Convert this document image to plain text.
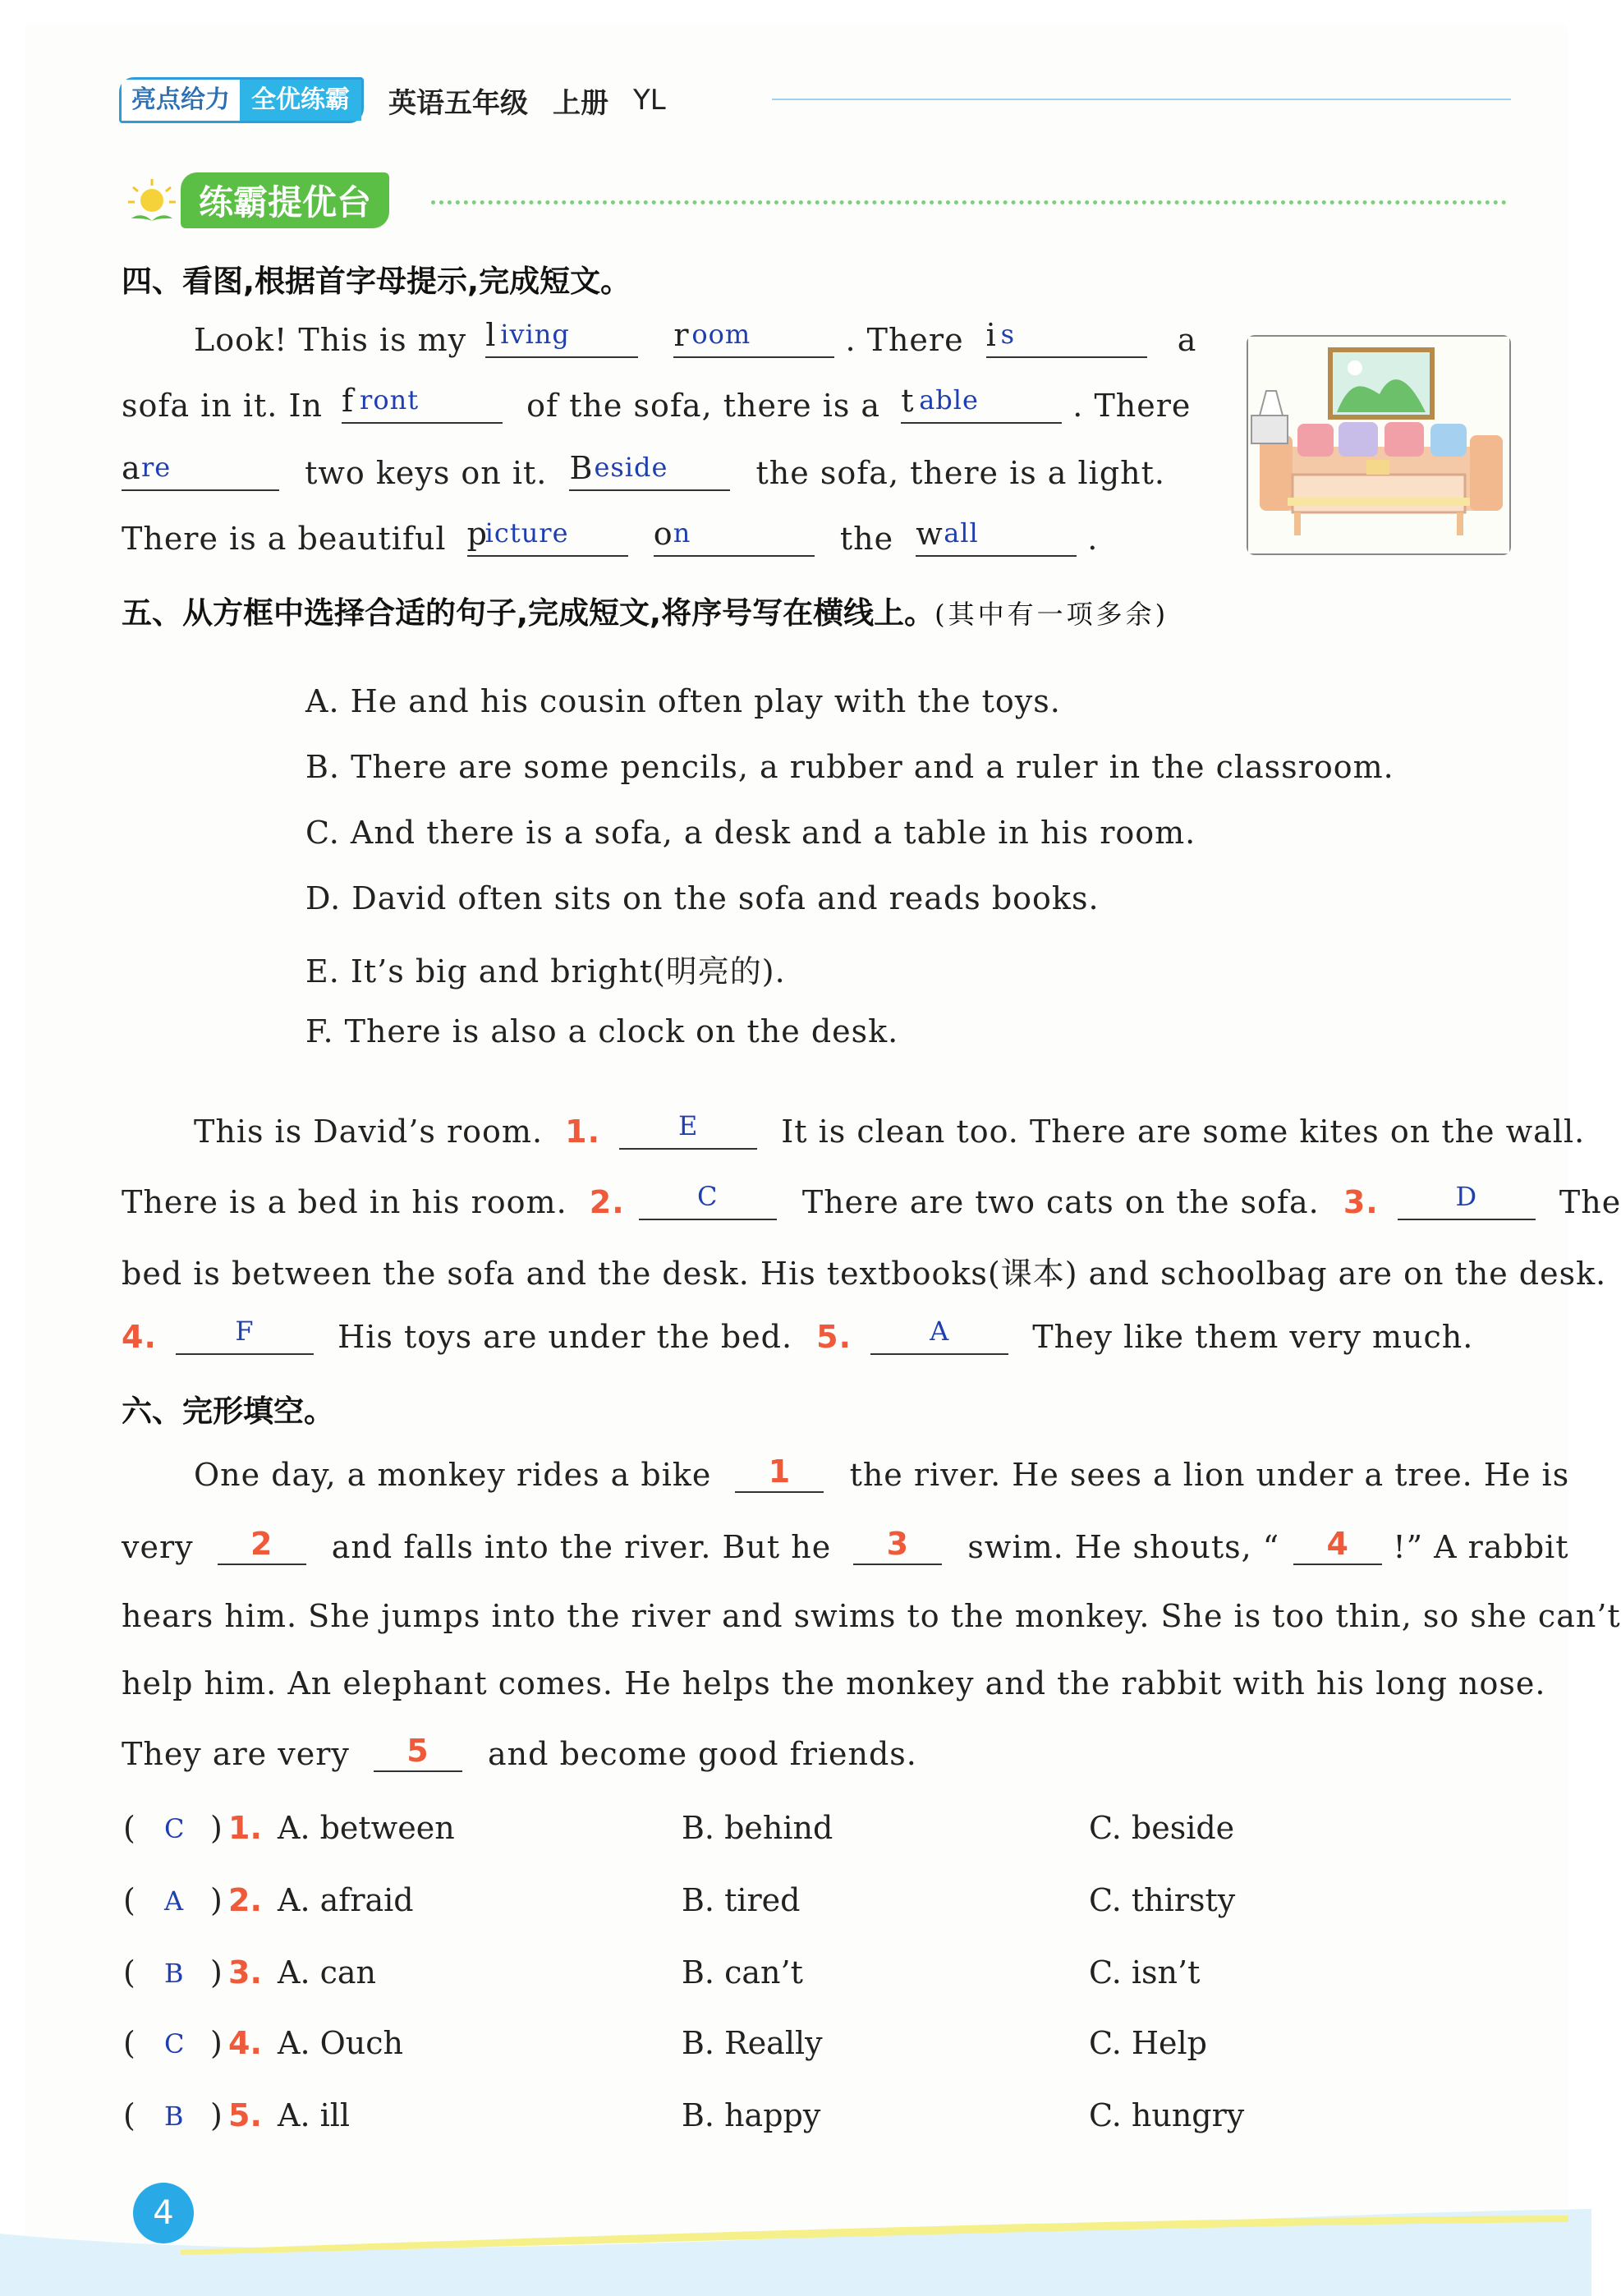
亮点给力 全优练霸	英语五年级 上册 YL
练霸提优台
四、看图,根据首字母提示,完成短文。
Look! This is my l iving
	r oom	. There i s	a
sofa in it. In f ront	of the sofa, there is a t able	. There
a re	two keys on it. B eside	the sofa, there is a light.
There is a beautiful p
icture
	o n	the w all	.
五、从方框中选择合适的句子,完成短文,将序号写在横线上。(其中有一项多余)
A. He and his cousin often play with the toys.
B. There are some pencils, a rubber and a ruler in the classroom.
C. And there is a sofa, a desk and a table in his room.
D. David often sits on the sofa and reads books.
E. It’s big and bright(明亮的).
F. There is also a clock on the desk.
This is David’s room. 1.	E	It is clean too. There are some kites on the wall.
There is a bed in his room. 2.	C	There are two cats on the sofa. 3.	D	The
bed is between the sofa and the desk. His textbooks(课本) and schoolbag are on the desk.
4.	F	His toys are under the bed. 5.	A	They like them very much.
六、完形填空。
One day, a monkey rides a bike	1	the river. He sees a lion under a tree. He is
very	2	and falls into the river. But he	3	swim. He shouts, “	4	!” A rabbit
hears him. She jumps into the river and swims to the monkey. She is too thin, so she can’t
help him. An elephant comes. He helps the monkey and the rabbit with his long nose.
They are very	5	and become good friends.
( C ) 1. A. between	B. behind	C. beside
( A ) 2. A. afraid	B. tired	C. thirsty
( B ) 3. A. can	B. can’t	C. isn’t
( C ) 4. A. Ouch	B. Really	C. Help
( B ) 5. A. ill	B. happy	C. hungry
4
